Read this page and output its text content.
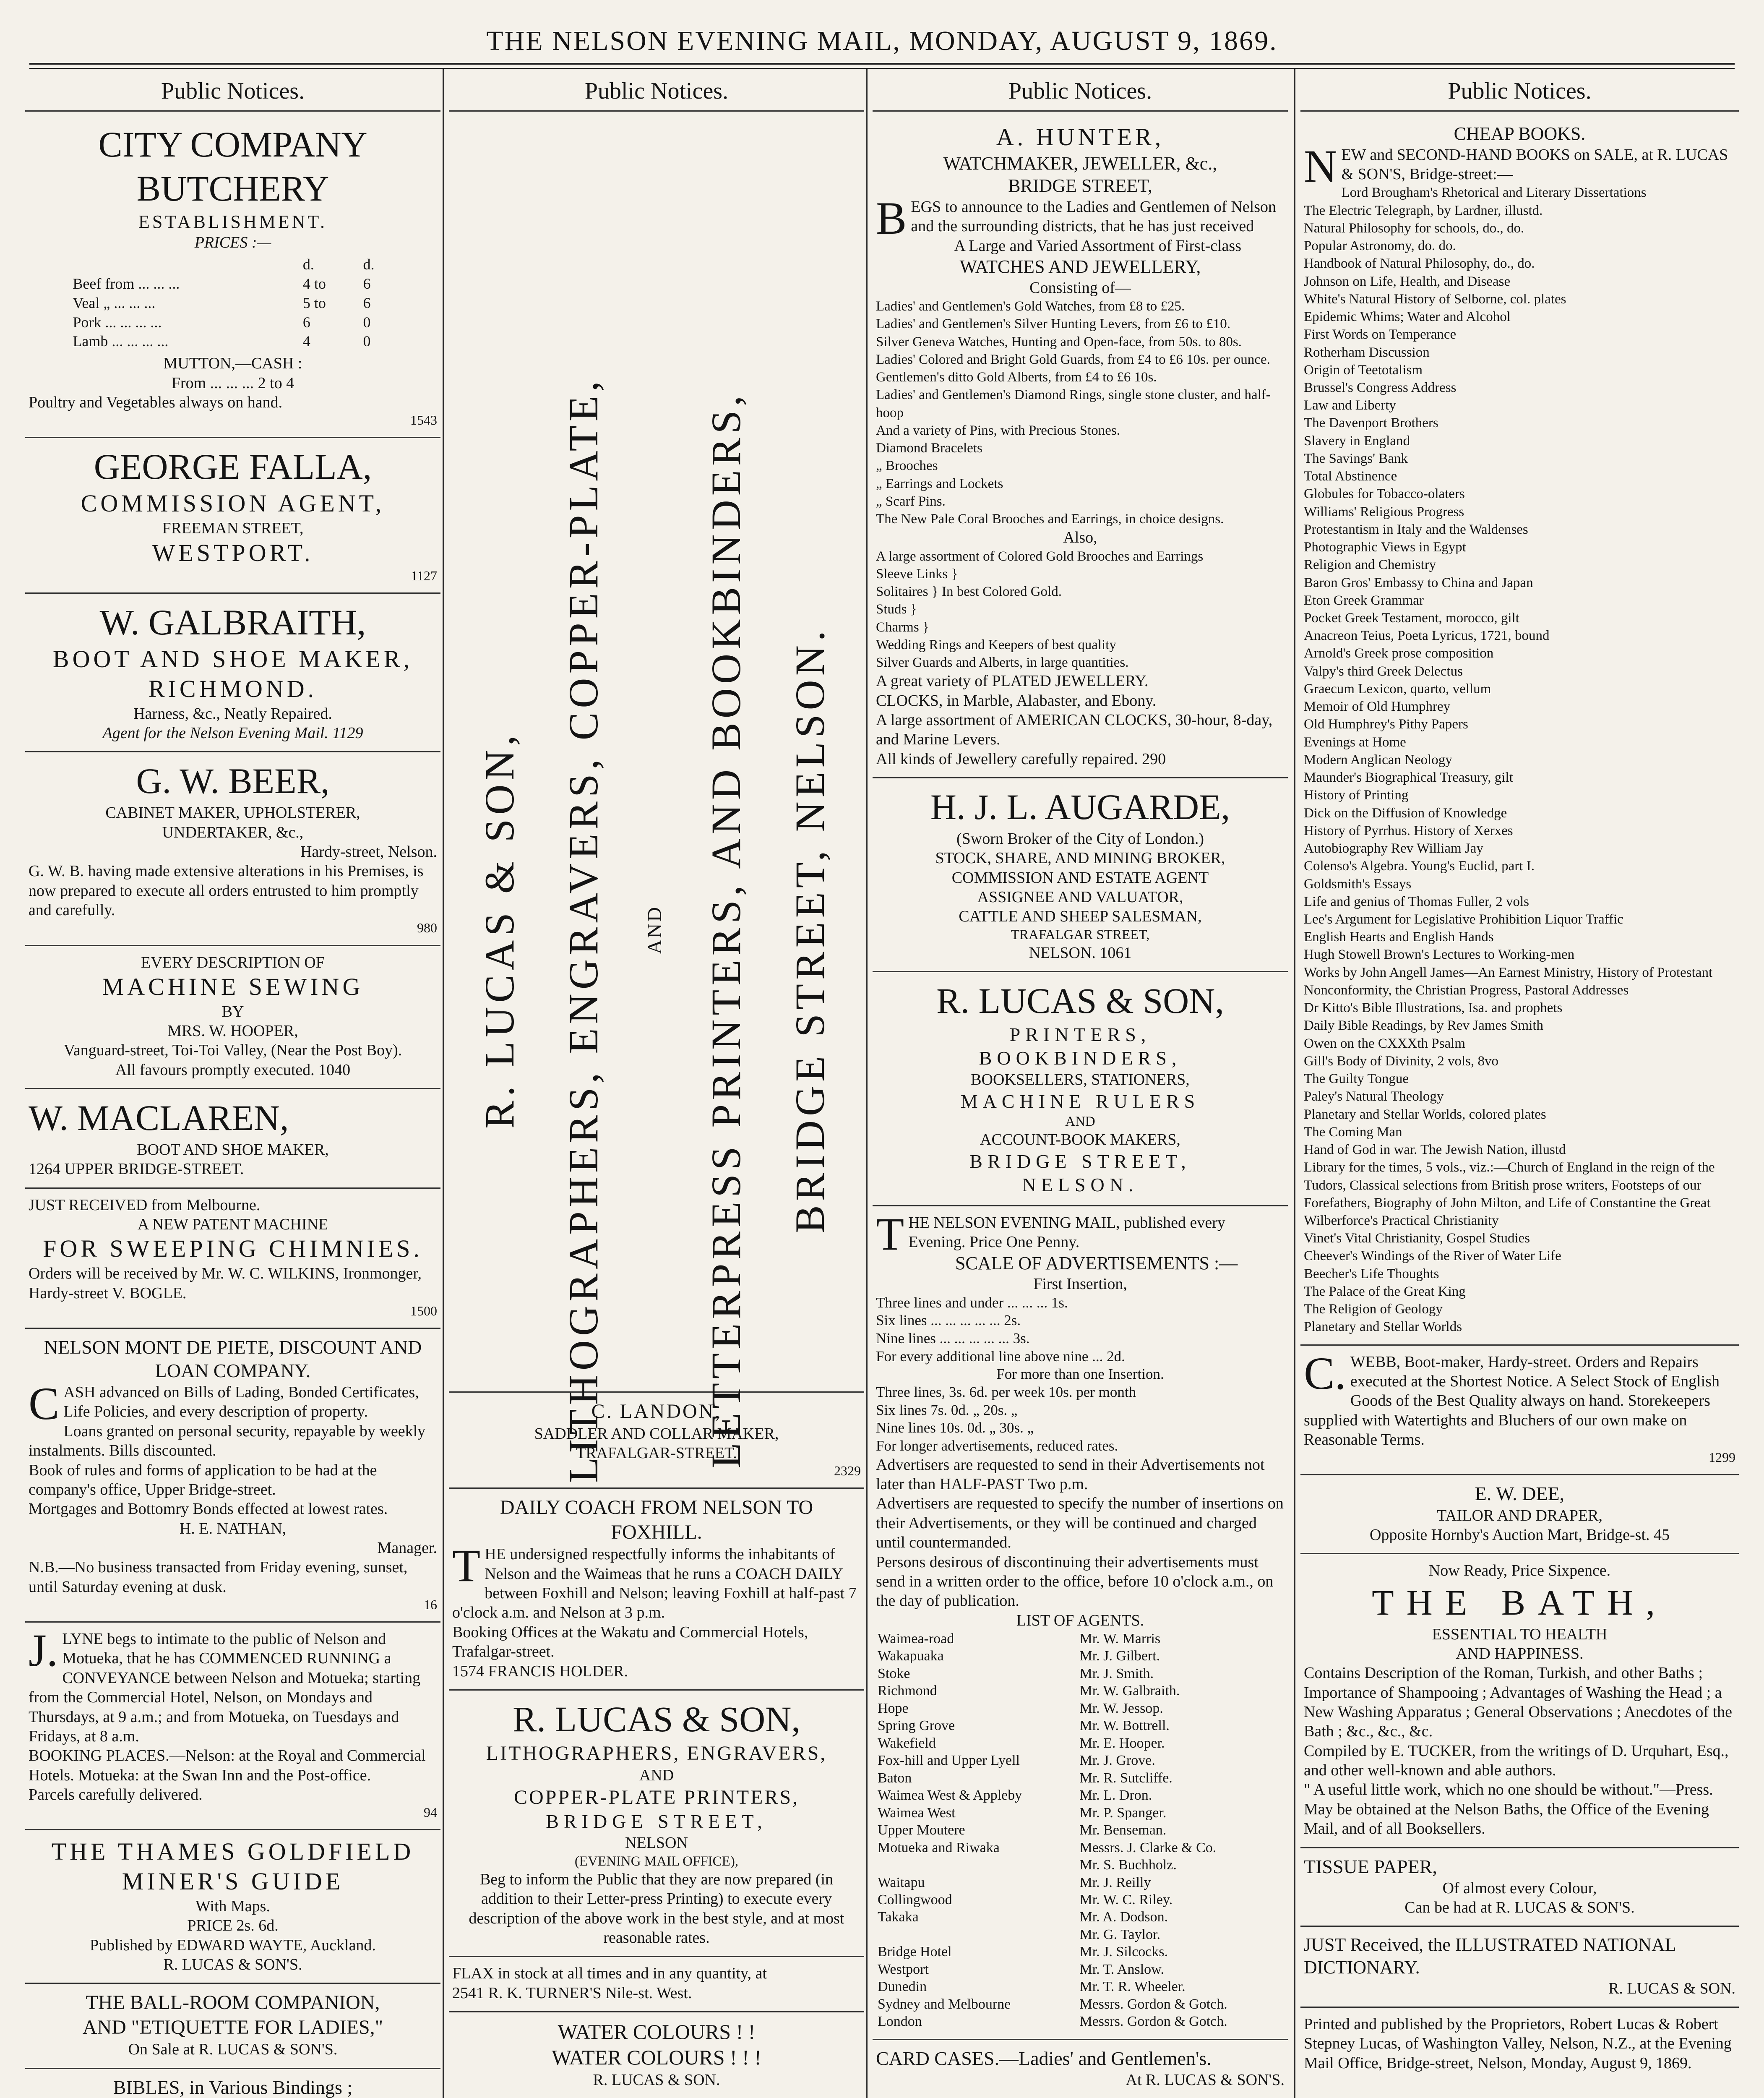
THE NELSON EVENING MAIL, MONDAY, AUGUST 9, 1869.
Public Notices.
CITY COMPANY BUTCHERY
ESTABLISHMENT.
PRICES :—
	d.	d.
Beef from ... ... ...	4 to	6
Veal „ ... ... ...	5 to	6
Pork ... ... ... ...	6	0
Lamb ... ... ... ...	4	0
MUTTON,—CASH :
From ... ... ... 2 to 4
Poultry and Vegetables always on hand.
1543
GEORGE FALLA,
COMMISSION AGENT,
FREEMAN STREET,
WESTPORT.
1127
W. GALBRAITH,
BOOT AND SHOE MAKER,
RICHMOND.
Harness, &c., Neatly Repaired.
Agent for the Nelson Evening Mail. 1129
G. W. BEER,
CABINET MAKER, UPHOLSTERER,
UNDERTAKER, &c.,
Hardy-street, Nelson.
G. W. B. having made extensive alterations in his Premises, is now prepared to execute all orders entrusted to him promptly and carefully.
980
EVERY DESCRIPTION OF
MACHINE SEWING
BY
MRS. W. HOOPER,
Vanguard-street, Toi-Toi Valley, (Near the Post Boy).
All favours promptly executed. 1040
W. MACLAREN,
BOOT AND SHOE MAKER,
1264 UPPER BRIDGE-STREET.
JUST RECEIVED from Melbourne.
A NEW PATENT MACHINE
FOR SWEEPING CHIMNIES.
Orders will be received by Mr. W. C. WILKINS, Ironmonger, Hardy-street V. BOGLE.
1500
NELSON MONT DE PIETE, DISCOUNT AND LOAN COMPANY.
CASH advanced on Bills of Lading, Bonded Certificates, Life Policies, and every description of property.
Loans granted on personal security, repayable by weekly instalments. Bills discounted.
Book of rules and forms of application to be had at the company's office, Upper Bridge-street.
Mortgages and Bottomry Bonds effected at lowest rates.
H. E. NATHAN,
Manager.
N.B.—No business transacted from Friday evening, sunset, until Saturday evening at dusk.
16
J.LYNE begs to intimate to the public of Nelson and Motueka, that he has COMMENCED RUNNING a CONVEYANCE between Nelson and Motueka; starting from the Commercial Hotel, Nelson, on Mondays and Thursdays, at 9 a.m.; and from Motueka, on Tuesdays and Fridays, at 8 a.m.
BOOKING PLACES.—Nelson: at the Royal and Commercial Hotels. Motueka: at the Swan Inn and the Post-office.
Parcels carefully delivered.
94
THE THAMES GOLDFIELD
MINER'S GUIDE
With Maps.
PRICE 2s. 6d.
Published by EDWARD WAYTE, Auckland.
R. LUCAS & SON'S.
THE BALL-ROOM COMPANION,
AND "ETIQUETTE FOR LADIES,"
On Sale at R. LUCAS & SON'S.
BIBLES, in Various Bindings ;
Public Notices.
R. LUCAS & SON, LITHOGRAPHERS, ENGRAVERS, COPPER-PLATE, AND LETTERPRESS PRINTERS, AND BOOKBINDERS, BRIDGE STREET, NELSON.
C. LANDON,
SADDLER AND COLLAR MAKER,
TRAFALGAR-STREET.
2329
DAILY COACH FROM NELSON TO FOXHILL.
THE undersigned respectfully informs the inhabitants of Nelson and the Waimeas that he runs a COACH DAILY between Foxhill and Nelson; leaving Foxhill at half-past 7 o'clock a.m. and Nelson at 3 p.m.
Booking Offices at the Wakatu and Commercial Hotels, Trafalgar-street.
1574 FRANCIS HOLDER.
R. LUCAS & SON,
LITHOGRAPHERS, ENGRAVERS,
AND
COPPER-PLATE PRINTERS,
BRIDGE STREET,
NELSON
(EVENING MAIL OFFICE),
Beg to inform the Public that they are now prepared (in addition to their Letter-press Printing) to execute every description of the above work in the best style, and at most reasonable rates.
FLAX in stock at all times and in any quantity, at
2541 R. K. TURNER'S Nile-st. West.
WATER COLOURS ! !
WATER COLOURS ! ! !
R. LUCAS & SON.
Public Notices.
A. HUNTER,
WATCHMAKER, JEWELLER, &c.,
BRIDGE STREET,
BEGS to announce to the Ladies and Gentlemen of Nelson and the surrounding districts, that he has just received
A Large and Varied Assortment of First-class
WATCHES AND JEWELLERY,
Consisting of—
Ladies' and Gentlemen's Gold Watches, from £8 to £25.
Ladies' and Gentlemen's Silver Hunting Levers, from £6 to £10.
Silver Geneva Watches, Hunting and Open-face, from 50s. to 80s.
Ladies' Colored and Bright Gold Guards, from £4 to £6 10s. per ounce.
Gentlemen's ditto Gold Alberts, from £4 to £6 10s.
Ladies' and Gentlemen's Diamond Rings, single stone cluster, and half-hoop
And a variety of Pins, with Precious Stones.
Diamond Bracelets
„ Brooches
„ Earrings and Lockets
„ Scarf Pins.
The New Pale Coral Brooches and Earrings, in choice designs.
Also,
A large assortment of Colored Gold Brooches and Earrings
Sleeve Links }
Solitaires } In best Colored Gold.
Studs }
Charms }
Wedding Rings and Keepers of best quality
Silver Guards and Alberts, in large quantities.
A great variety of PLATED JEWELLERY.
CLOCKS, in Marble, Alabaster, and Ebony.
A large assortment of AMERICAN CLOCKS, 30-hour, 8-day, and Marine Levers.
All kinds of Jewellery carefully repaired. 290
H. J. L. AUGARDE,
(Sworn Broker of the City of London.)
STOCK, SHARE, AND MINING BROKER,
COMMISSION AND ESTATE AGENT
ASSIGNEE AND VALUATOR,
CATTLE AND SHEEP SALESMAN,
TRAFALGAR STREET,
NELSON. 1061
R. LUCAS & SON,
PRINTERS,
BOOKBINDERS,
BOOKSELLERS, STATIONERS,
MACHINE RULERS
AND
ACCOUNT-BOOK MAKERS,
BRIDGE STREET,
NELSON.
THE NELSON EVENING MAIL, published every Evening. Price One Penny.
SCALE OF ADVERTISEMENTS :—
First Insertion,
Three lines and under ... ... ... 1s.
Six lines ... ... ... ... ... 2s.
Nine lines ... ... ... ... ... 3s.
For every additional line above nine ... 2d.
For more than one Insertion.
Three lines, 3s. 6d. per week 10s. per month
Six lines 7s. 0d. „ 20s. „
Nine lines 10s. 0d. „ 30s. „
For longer advertisements, reduced rates.
Advertisers are requested to send in their Advertisements not later than HALF-PAST Two p.m.
Advertisers are requested to specify the number of insertions on their Advertisements, or they will be continued and charged until countermanded.
Persons desirous of discontinuing their advertisements must send in a written order to the office, before 10 o'clock a.m., on the day of publication.
LIST OF AGENTS.
Waimea-road	Mr. W. Marris
Wakapuaka	Mr. J. Gilbert.
Stoke	Mr. J. Smith.
Richmond	Mr. W. Galbraith.
Hope	Mr. W. Jessop.
Spring Grove	Mr. W. Bottrell.
Wakefield	Mr. E. Hooper.
Fox-hill and Upper Lyell	Mr. J. Grove.
Baton	Mr. R. Sutcliffe.
Waimea West & Appleby	Mr. L. Dron.
Waimea West	Mr. P. Spanger.
Upper Moutere	Mr. Benseman.
Motueka and Riwaka	Messrs. J. Clarke & Co.
	Mr. S. Buchholz.
Waitapu	Mr. J. Reilly
Collingwood	Mr. W. C. Riley.
Takaka	Mr. A. Dodson.
	Mr. G. Taylor.
Bridge Hotel	Mr. J. Silcocks.
Westport	Mr. T. Anslow.
Dunedin	Mr. T. R. Wheeler.
Sydney and Melbourne	Messrs. Gordon & Gotch.
London	Messrs. Gordon & Gotch.
CARD CASES.—Ladies' and Gentlemen's.
At R. LUCAS & SON'S.
Public Notices.
CHEAP BOOKS.
NEW and SECOND-HAND BOOKS on SALE, at R. LUCAS & SON'S, Bridge-street:—
Lord Brougham's Rhetorical and Literary Dissertations
The Electric Telegraph, by Lardner, illustd.
Natural Philosophy for schools, do., do.
Popular Astronomy, do. do.
Handbook of Natural Philosophy, do., do.
Johnson on Life, Health, and Disease
White's Natural History of Selborne, col. plates
Epidemic Whims; Water and Alcohol
First Words on Temperance
Rotherham Discussion
Origin of Teetotalism
Brussel's Congress Address
Law and Liberty
The Davenport Brothers
Slavery in England
The Savings' Bank
Total Abstinence
Globules for Tobacco-olaters
Williams' Religious Progress
Protestantism in Italy and the Waldenses
Photographic Views in Egypt
Religion and Chemistry
Baron Gros' Embassy to China and Japan
Eton Greek Grammar
Pocket Greek Testament, morocco, gilt
Anacreon Teius, Poeta Lyricus, 1721, bound
Arnold's Greek prose composition
Valpy's third Greek Delectus
Graecum Lexicon, quarto, vellum
Memoir of Old Humphrey
Old Humphrey's Pithy Papers
Evenings at Home
Modern Anglican Neology
Maunder's Biographical Treasury, gilt
History of Printing
Dick on the Diffusion of Knowledge
History of Pyrrhus. History of Xerxes
Autobiography Rev William Jay
Colenso's Algebra. Young's Euclid, part I.
Goldsmith's Essays
Life and genius of Thomas Fuller, 2 vols
Lee's Argument for Legislative Prohibition Liquor Traffic
English Hearts and English Hands
Hugh Stowell Brown's Lectures to Working-men
Works by John Angell James—An Earnest Ministry, History of Protestant Nonconformity, the Christian Progress, Pastoral Addresses
Dr Kitto's Bible Illustrations, Isa. and prophets
Daily Bible Readings, by Rev James Smith
Owen on the CXXXth Psalm
Gill's Body of Divinity, 2 vols, 8vo
The Guilty Tongue
Paley's Natural Theology
Planetary and Stellar Worlds, colored plates
The Coming Man
Hand of God in war. The Jewish Nation, illustd
Library for the times, 5 vols., viz.:—Church of England in the reign of the Tudors, Classical selections from British prose writers, Footsteps of our Forefathers, Biography of John Milton, and Life of Constantine the Great
Wilberforce's Practical Christianity
Vinet's Vital Christianity, Gospel Studies
Cheever's Windings of the River of Water Life
Beecher's Life Thoughts
The Palace of the Great King
The Religion of Geology
Planetary and Stellar Worlds
C.WEBB, Boot-maker, Hardy-street. Orders and Repairs executed at the Shortest Notice. A Select Stock of English Goods of the Best Quality always on hand. Storekeepers supplied with Watertights and Bluchers of our own make on Reasonable Terms.
1299
E. W. DEE,
TAILOR AND DRAPER,
Opposite Hornby's Auction Mart, Bridge-st. 45
Now Ready, Price Sixpence.
THE BATH,
ESSENTIAL TO HEALTH
AND HAPPINESS.
Contains Description of the Roman, Turkish, and other Baths ; Importance of Shampooing ; Advantages of Washing the Head ; a New Washing Apparatus ; General Observations ; Anecdotes of the Bath ; &c., &c., &c.
Compiled by E. TUCKER, from the writings of D. Urquhart, Esq., and other well-known and able authors.
" A useful little work, which no one should be without."—Press.
May be obtained at the Nelson Baths, the Office of the Evening Mail, and of all Booksellers.
TISSUE PAPER,
Of almost every Colour,
Can be had at R. LUCAS & SON'S.
JUST Received, the ILLUSTRATED NATIONAL DICTIONARY.
R. LUCAS & SON.
Printed and published by the Proprietors, Robert Lucas & Robert Stepney Lucas, of Washington Valley, Nelson, N.Z., at the Evening Mail Office, Bridge-street, Nelson, Monday, August 9, 1869.
